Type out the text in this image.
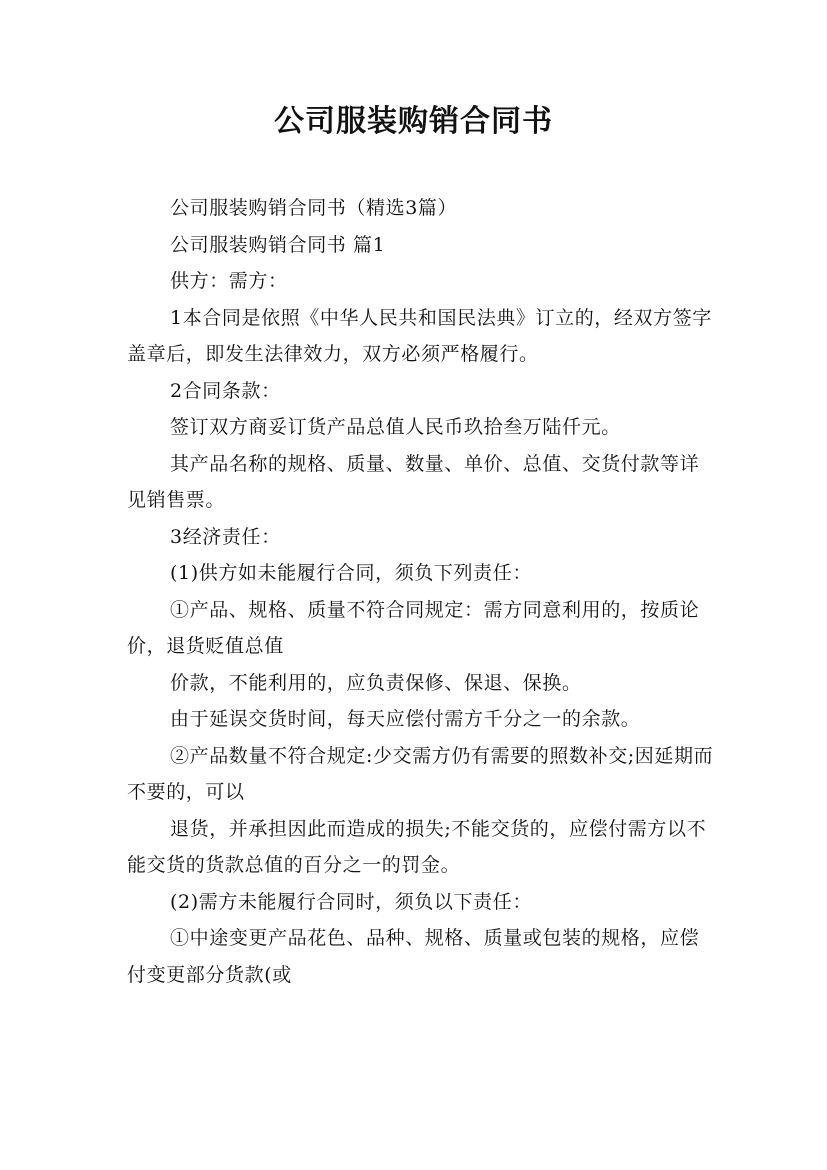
公司服装购销合同书

公司服装购销合同书（精选3篇）

公司服装购销合同书 篇1

供方：需方：

1本合同是依照《中华人民共和国民法典》订立的，经双方签字盖章后，即发生法律效力，双方必须严格履行。

2合同条款：

签订双方商妥订货产品总值人民币玖拾叁万陆仟元。

其产品名称的规格、质量、数量、单价、总值、交货付款等详见销售票。

3经济责任：

(1)供方如未能履行合同，须负下列责任：

①产品、规格、质量不符合同规定：需方同意利用的，按质论价，退货贬值总值

价款，不能利用的，应负责保修、保退、保换。

由于延误交货时间，每天应偿付需方千分之一的余款。

②产品数量不符合规定:少交需方仍有需要的照数补交;因延期而不要的，可以

退货，并承担因此而造成的损失;不能交货的，应偿付需方以不能交货的货款总值的百分之一的罚金。

(2)需方未能履行合同时，须负以下责任：

①中途变更产品花色、品种、规格、质量或包装的规格，应偿付变更部分货款(或
